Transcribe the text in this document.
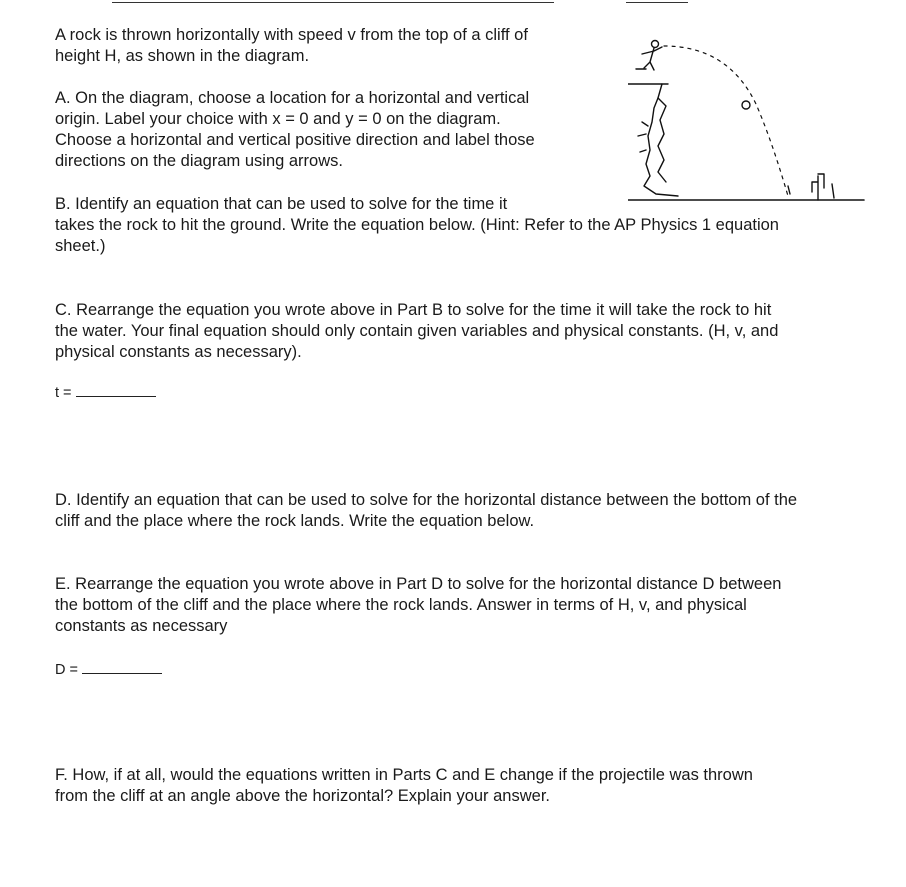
A rock is thrown horizontally with speed v from the top of a cliff of
height H, as shown in the diagram.
A. On the diagram, choose a location for a horizontal and vertical
origin. Label your choice with x = 0 and y = 0 on the diagram.
Choose a horizontal and vertical positive direction and label those
directions on the diagram using arrows.
B. Identify an equation that can be used to solve for the time it
takes the rock to hit the ground. Write the equation below. (Hint: Refer to the AP Physics 1 equation
sheet.)
C. Rearrange the equation you wrote above in Part B to solve for the time it will take the rock to hit
the water. Your final equation should only contain given variables and physical constants. (H, v, and
physical constants as necessary).
t =
D. Identify an equation that can be used to solve for the horizontal distance between the bottom of the
cliff and the place where the rock lands. Write the equation below.
E. Rearrange the equation you wrote above in Part D to solve for the horizontal distance D between
the bottom of the cliff and the place where the rock lands. Answer in terms of H, v, and physical
constants as necessary
D =
F. How, if at all, would the equations written in Parts C and E change if the projectile was thrown
from the cliff at an angle above the horizontal? Explain your answer.
